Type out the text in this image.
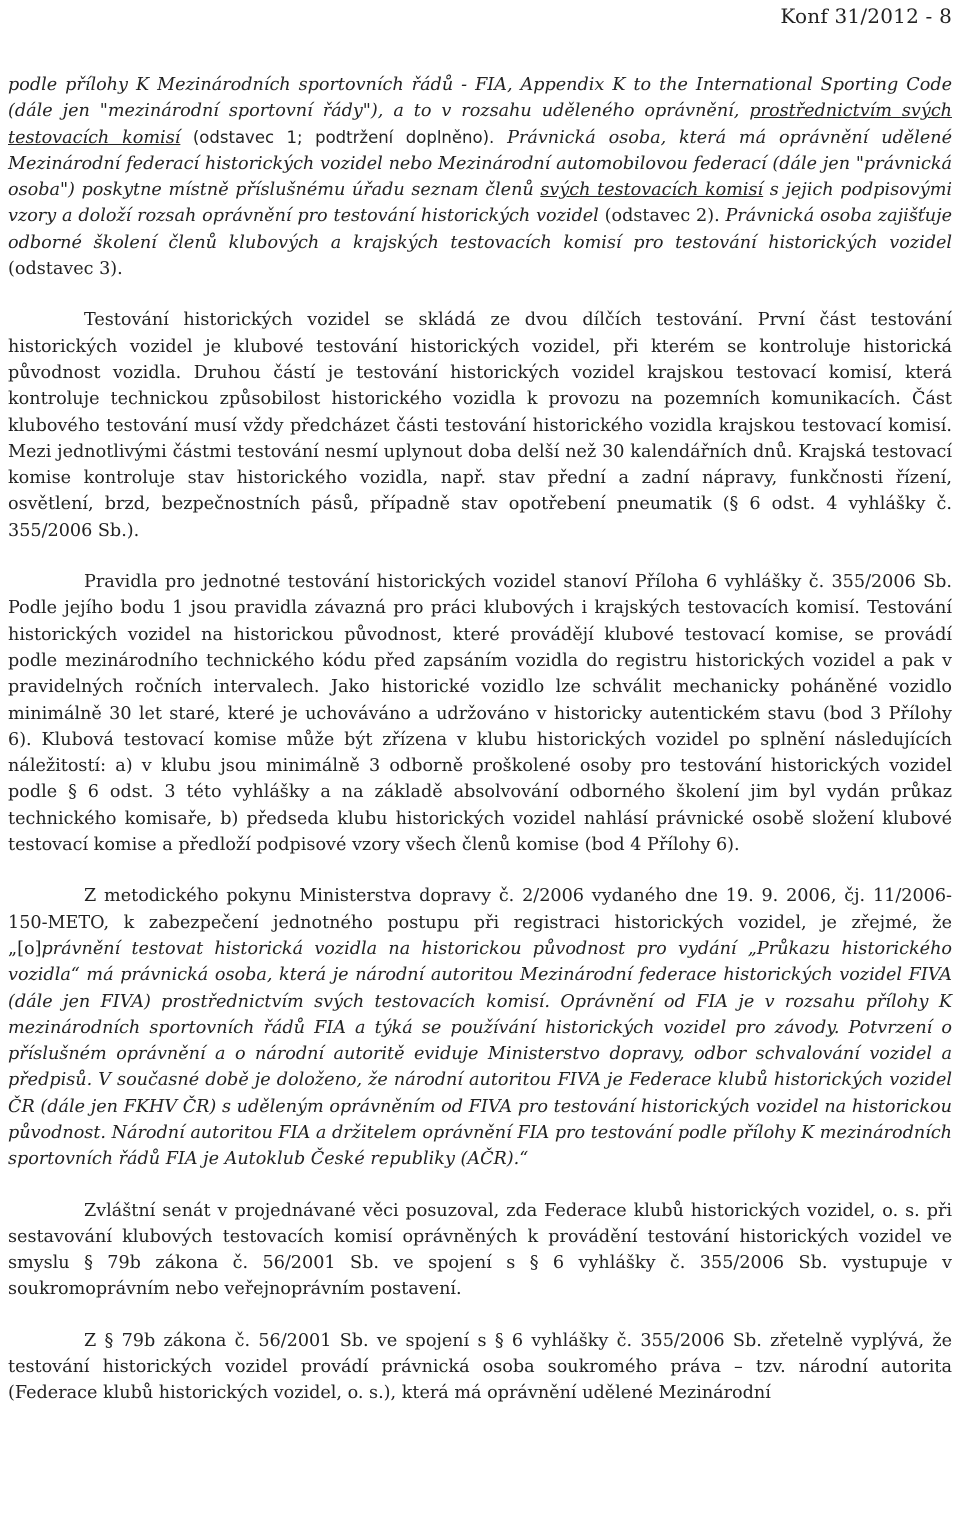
Konf 31/2012 - 8

podle přílohy K Mezinárodních sportovních řádů - FIA, Appendix K to the International Sporting Code (dále jen "mezinárodní sportovní řády"), a to v rozsahu uděleného oprávnění, prostřednictvím svých testovacích komisí (odstavec 1; podtržení doplněno). Právnická osoba, která má oprávnění udělené Mezinárodní federací historických vozidel nebo Mezinárodní automobilovou federací (dále jen "právnická osoba") poskytne místně příslušnému úřadu seznam členů svých testovacích komisí s jejich podpisovými vzory a doloží rozsah oprávnění pro testování historických vozidel (odstavec 2). Právnická osoba zajišťuje odborné školení členů klubových a krajských testovacích komisí pro testování historických vozidel (odstavec 3).

Testování historických vozidel se skládá ze dvou dílčích testování. První část testování historických vozidel je klubové testování historických vozidel, při kterém se kontroluje historická původnost vozidla. Druhou částí je testování historických vozidel krajskou testovací komisí, která kontroluje technickou způsobilost historického vozidla k provozu na pozemních komunikacích. Část klubového testování musí vždy předcházet části testování historického vozidla krajskou testovací komisí. Mezi jednotlivými částmi testování nesmí uplynout doba delší než 30 kalendářních dnů. Krajská testovací komise kontroluje stav historického vozidla, např. stav přední a zadní nápravy, funkčnosti řízení, osvětlení, brzd, bezpečnostních pásů, případně stav opotřebení pneumatik (§ 6 odst. 4 vyhlášky č. 355/2006 Sb.).

Pravidla pro jednotné testování historických vozidel stanoví Příloha 6 vyhlášky č. 355/2006 Sb. Podle jejího bodu 1 jsou pravidla závazná pro práci klubových i krajských testovacích komisí. Testování historických vozidel na historickou původnost, které provádějí klubové testovací komise, se provádí podle mezinárodního technického kódu před zapsáním vozidla do registru historických vozidel a pak v pravidelných ročních intervalech. Jako historické vozidlo lze schválit mechanicky poháněné vozidlo minimálně 30 let staré, které je uchováváno a udržováno v historicky autentickém stavu (bod 3 Přílohy 6). Klubová testovací komise může být zřízena v klubu historických vozidel po splnění následujících náležitostí: a) v klubu jsou minimálně 3 odborně proškolené osoby pro testování historických vozidel podle § 6 odst. 3 této vyhlášky a na základě absolvování odborného školení jim byl vydán průkaz technického komisaře, b) předseda klubu historických vozidel nahlásí právnické osobě složení klubové testovací komise a předloží podpisové vzory všech členů komise (bod 4 Přílohy 6).

Z metodického pokynu Ministerstva dopravy č. 2/2006 vydaného dne 19. 9. 2006, čj. 11/2006-150-METO, k zabezpečení jednotného postupu při registraci historických vozidel, je zřejmé, že „[o]právnění testovat historická vozidla na historickou původnost pro vydání „Průkazu historického vozidla“ má právnická osoba, která je národní autoritou Mezinárodní federace historických vozidel FIVA (dále jen FIVA) prostřednictvím svých testovacích komisí. Oprávnění od FIA je v rozsahu přílohy K mezinárodních sportovních řádů FIA a týká se používání historických vozidel pro závody. Potvrzení o příslušném oprávnění a o národní autoritě eviduje Ministerstvo dopravy, odbor schvalování vozidel a předpisů. V současné době je doloženo, že národní autoritou FIVA je Federace klubů historických vozidel ČR (dále jen FKHV ČR) s uděleným oprávněním od FIVA pro testování historických vozidel na historickou původnost. Národní autoritou FIA a držitelem oprávnění FIA pro testování podle přílohy K mezinárodních sportovních řádů FIA je Autoklub České republiky (AČR).“

Zvláštní senát v projednávané věci posuzoval, zda Federace klubů historických vozidel, o. s. při sestavování klubových testovacích komisí oprávněných k provádění testování historických vozidel ve smyslu § 79b zákona č. 56/2001 Sb. ve spojení s § 6 vyhlášky č. 355/2006 Sb. vystupuje v soukromoprávním nebo veřejnoprávním postavení.

Z § 79b zákona č. 56/2001 Sb. ve spojení s § 6 vyhlášky č. 355/2006 Sb. zřetelně vyplývá, že testování historických vozidel provádí právnická osoba soukromého práva – tzv. národní autorita (Federace klubů historických vozidel, o. s.), která má oprávnění udělené Mezinárodní
